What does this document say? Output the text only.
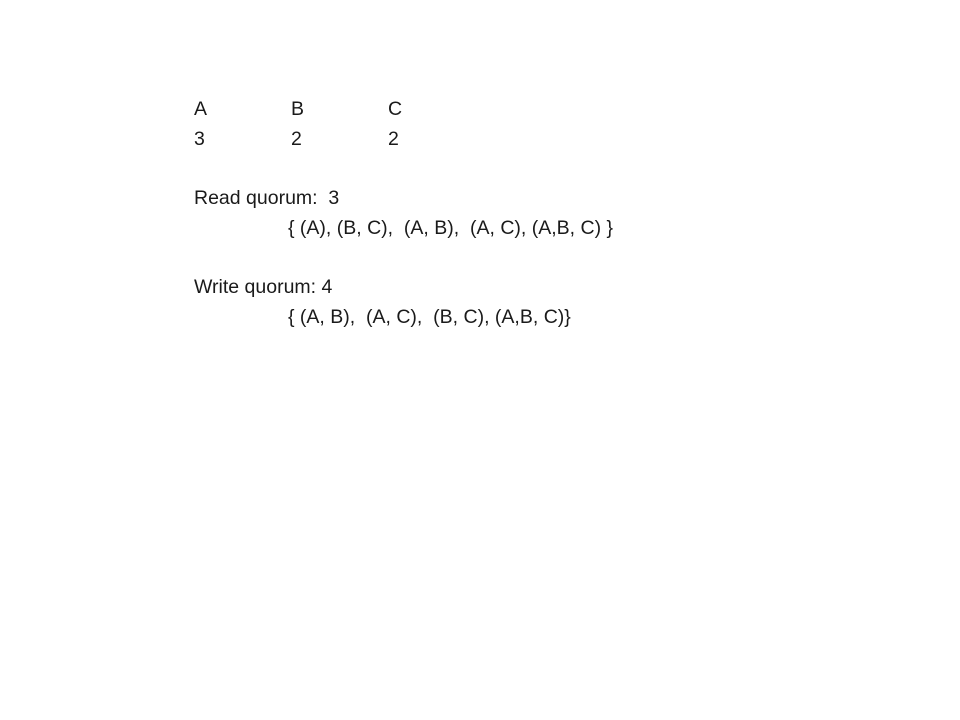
A	B	C
3	2	2
Read quorum:  3
{ (A), (B, C),  (A, B),  (A, C), (A,B, C) }
Write quorum: 4
{ (A, B),  (A, C),  (B, C), (A,B, C)}
